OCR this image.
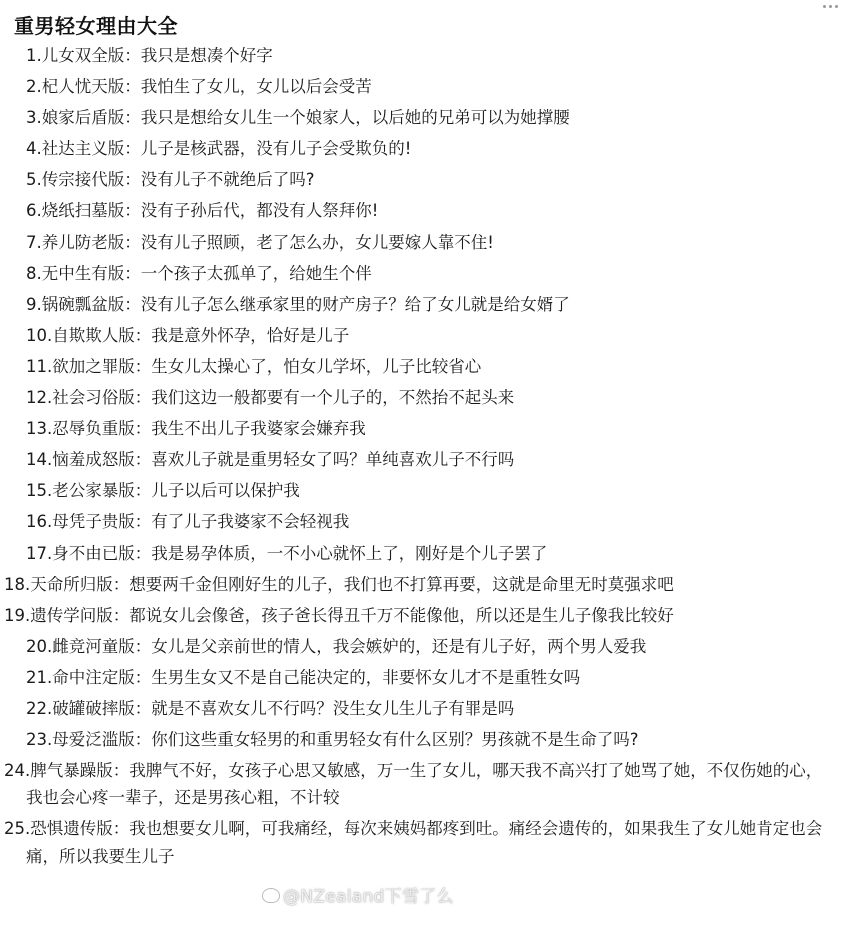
重男轻女理由大全
1.儿女双全版：我只是想凑个好字
2.杞人忧天版：我怕生了女儿，女儿以后会受苦
3.娘家后盾版：我只是想给女儿生一个娘家人，以后她的兄弟可以为她撑腰
4.社达主义版：儿子是核武器，没有儿子会受欺负的!
5.传宗接代版：没有儿子不就绝后了吗?
6.烧纸扫墓版：没有子孙后代，都没有人祭拜你!
7.养儿防老版：没有儿子照顾，老了怎么办，女儿要嫁人靠不住!
8.无中生有版：一个孩子太孤单了，给她生个伴
9.锅碗瓢盆版：没有儿子怎么继承家里的财产房子？给了女儿就是给女婿了
10.自欺欺人版：我是意外怀孕，恰好是儿子
11.欲加之罪版：生女儿太操心了，怕女儿学坏，儿子比较省心
12.社会习俗版：我们这边一般都要有一个儿子的，不然抬不起头来
13.忍辱负重版：我生不出儿子我婆家会嫌弃我
14.恼羞成怒版：喜欢儿子就是重男轻女了吗？单纯喜欢儿子不行吗
15.老公家暴版：儿子以后可以保护我
16.母凭子贵版：有了儿子我婆家不会轻视我
17.身不由已版：我是易孕体质，一不小心就怀上了，刚好是个儿子罢了
18.天命所归版：想要两千金但刚好生的儿子，我们也不打算再要，这就是命里无时莫强求吧
19.遗传学问版：都说女儿会像爸，孩子爸长得丑千万不能像他，所以还是生儿子像我比较好
20.雌竞河童版：女儿是父亲前世的情人，我会嫉妒的，还是有儿子好，两个男人爱我
21.命中注定版：生男生女又不是自己能决定的，非要怀女儿才不是重牲女吗
22.破罐破摔版：就是不喜欢女儿不行吗？没生女儿生儿子有罪是吗
23.母爱泛滥版：你们这些重女轻男的和重男轻女有什么区别？男孩就不是生命了吗?
24.脾气暴躁版：我脾气不好，女孩子心思又敏感，万一生了女儿，哪天我不高兴打了她骂了她，不仅伤她的心，我也会心疼一辈子，还是男孩心粗，不计较
25.恐惧遗传版：我也想要女儿啊，可我痛经，每次来姨妈都疼到吐。痛经会遗传的，如果我生了女儿她肯定也会痛，所以我要生儿子
@NZealand下雪了么
